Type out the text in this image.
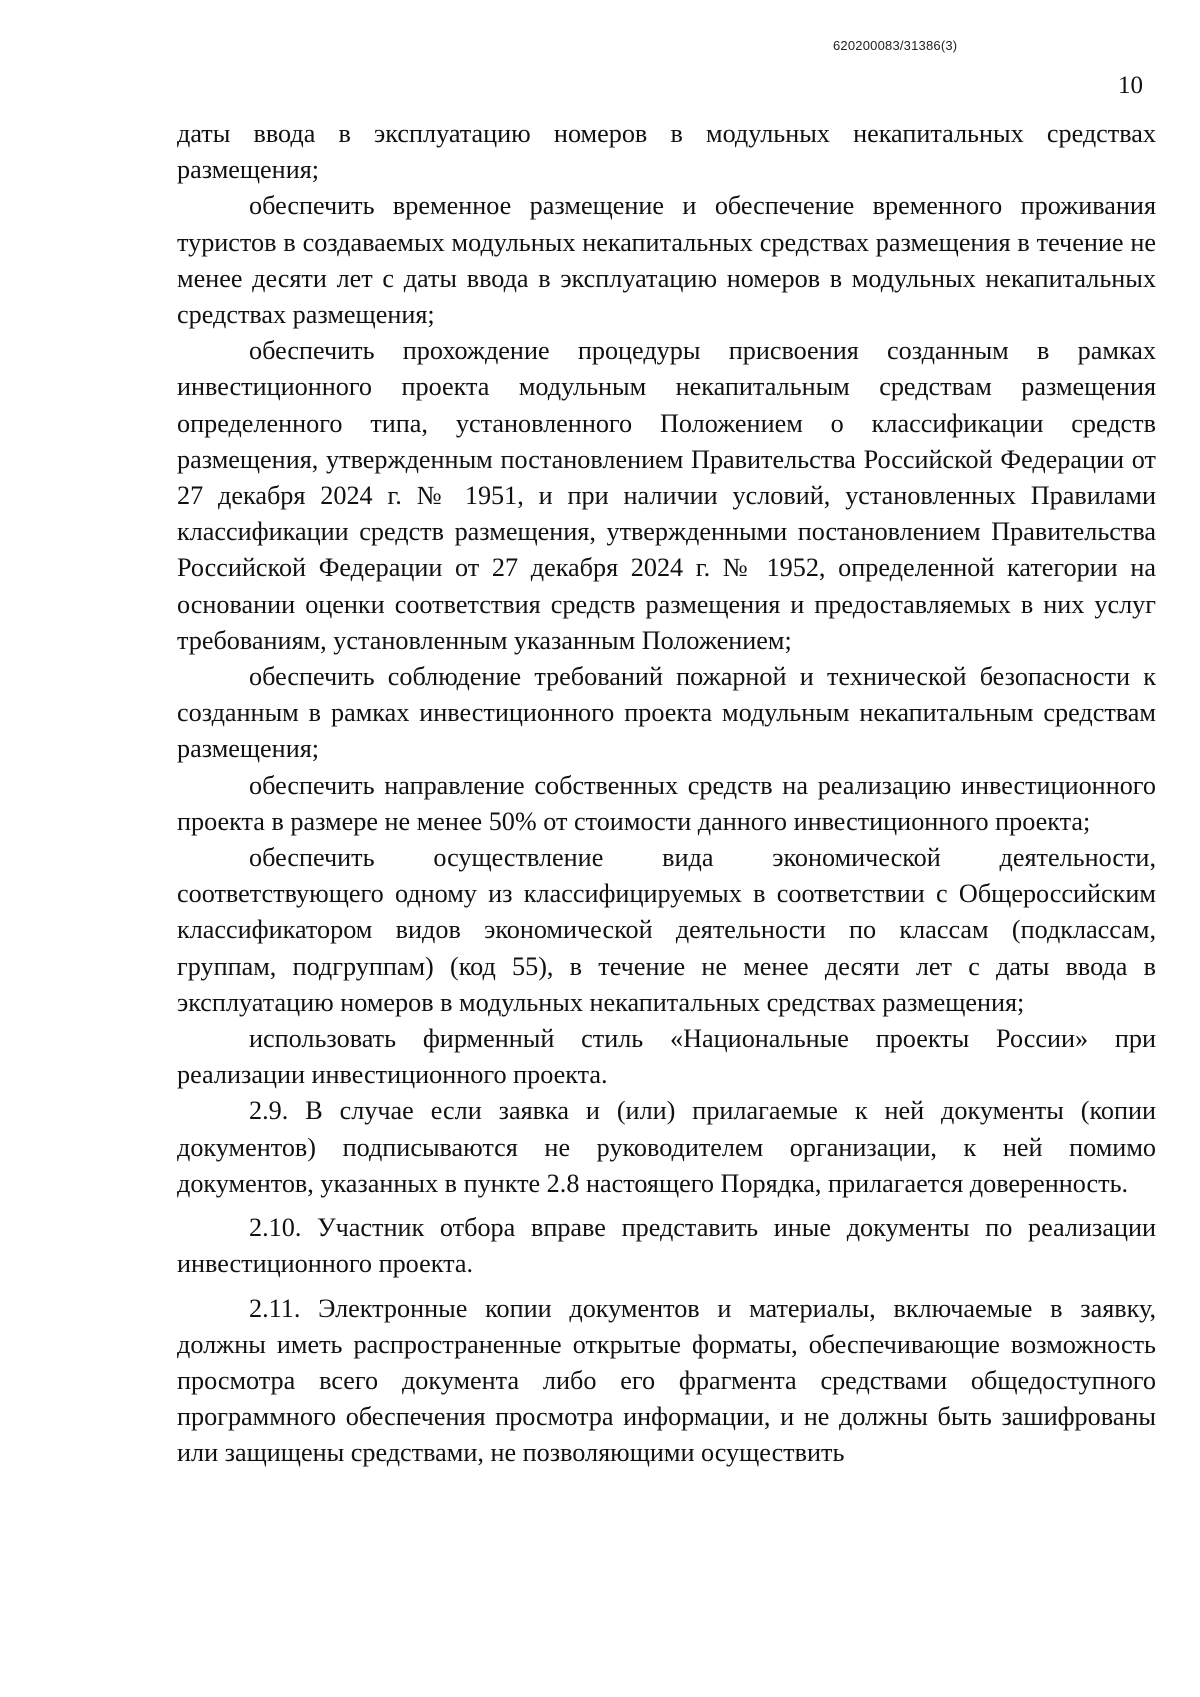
620200083/31386(3)
10

даты ввода в эксплуатацию номеров в модульных некапитальных средствах размещения;

обеспечить временное размещение и обеспечение временного проживания туристов в создаваемых модульных некапитальных средствах размещения в течение не менее десяти лет с даты ввода в эксплуатацию номеров в модульных некапитальных средствах размещения;

обеспечить прохождение процедуры присвоения созданным в рамках инвестиционного проекта модульным некапитальным средствам размещения определенного типа, установленного Положением о классификации средств размещения, утвержденным постановлением Правительства Российской Федерации от 27 декабря 2024 г. № 1951, и при наличии условий, установленных Правилами классификации средств размещения, утвержденными постановлением Правительства Российской Федерации от 27 декабря 2024 г. № 1952, определенной категории на основании оценки соответствия средств размещения и предоставляемых в них услуг требованиям, установленным указанным Положением;

обеспечить соблюдение требований пожарной и технической безопасности к созданным в рамках инвестиционного проекта модульным некапитальным средствам размещения;

обеспечить направление собственных средств на реализацию инвестиционного проекта в размере не менее 50% от стоимости данного инвестиционного проекта;

обеспечить осуществление вида экономической деятельности, соответствующего одному из классифицируемых в соответствии с Общероссийским классификатором видов экономической деятельности по классам (подклассам, группам, подгруппам) (код 55), в течение не менее десяти лет с даты ввода в эксплуатацию номеров в модульных некапитальных средствах размещения;

использовать фирменный стиль «Национальные проекты России» при реализации инвестиционного проекта.

2.9. В случае если заявка и (или) прилагаемые к ней документы (копии документов) подписываются не руководителем организации, к ней помимо документов, указанных в пункте 2.8 настоящего Порядка, прилагается доверенность.

2.10. Участник отбора вправе представить иные документы по реализации инвестиционного проекта.

2.11. Электронные копии документов и материалы, включаемые в заявку, должны иметь распространенные открытые форматы, обеспечивающие возможность просмотра всего документа либо его фрагмента средствами общедоступного программного обеспечения просмотра информации, и не должны быть зашифрованы или защищены средствами, не позволяющими осуществить
